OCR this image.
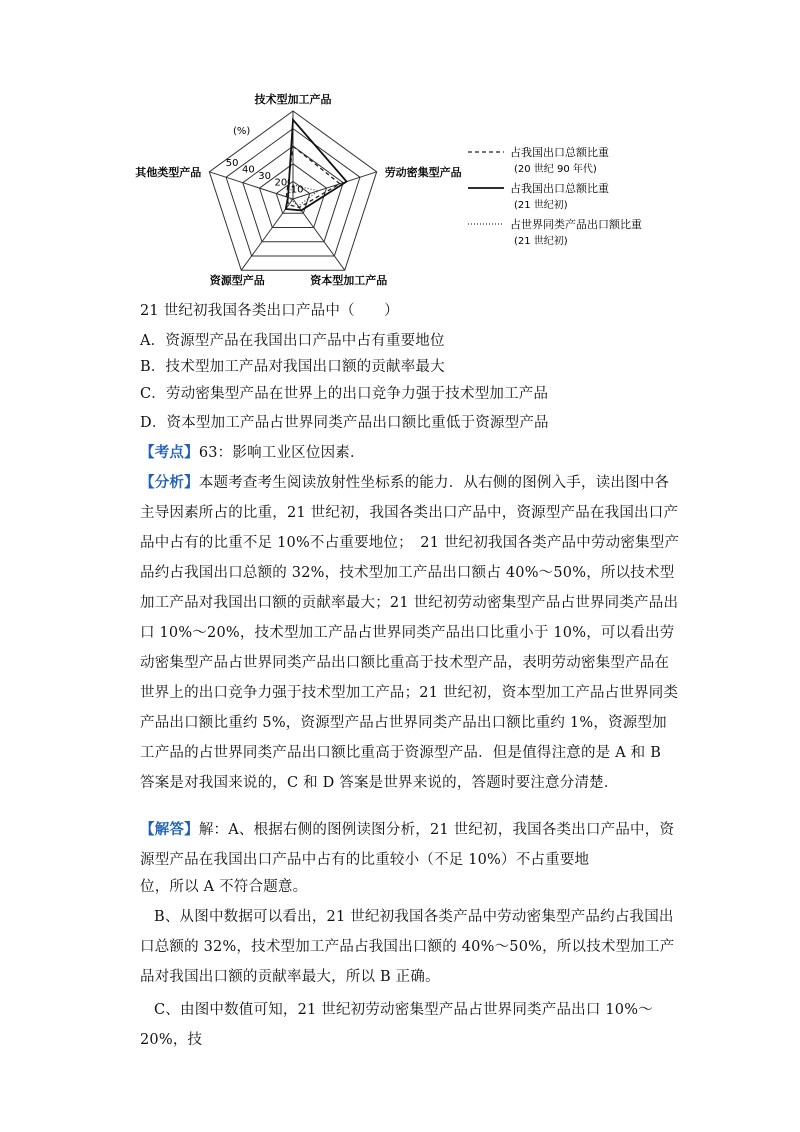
50
40
30
20
10
技术型加工产品
劳动密集型产品
资本型加工产品
资源型产品
其他类型产品
(%)
占我国出口总额比重
(20 世纪 90 年代)
占我国出口总额比重
(21 世纪初)
占世界同类产品出口额比重
(21 世纪初)
21 世纪初我国各类出口产品中（　　）
A．资源型产品在我国出口产品中占有重要地位
B．技术型加工产品对我国出口额的贡献率最大
C．劳动密集型产品在世界上的出口竞争力强于技术型加工产品
D．资本型加工产品占世界同类产品出口额比重低于资源型产品
【考点】63：影响工业区位因素．
【分析】本题考查考生阅读放射性坐标系的能力．从右侧的图例入手，读出图中各主导因素所占的比重，21 世纪初，我国各类出口产品中，资源型产品在我国出口产品中占有的比重不足 10%不占重要地位；　21 世纪初我国各类产品中劳动密集型产品约占我国出口总额的 32%，技术型加工产品出口额占 40%～50%，所以技术型加工产品对我国出口额的贡献率最大；21 世纪初劳动密集型产品占世界同类产品出口 10%～20%，技术型加工产品占世界同类产品出口比重小于 10%，可以看出劳动密集型产品占世界同类产品出口额比重高于技术型产品，表明劳动密集型产品在世界上的出口竞争力强于技术型加工产品；21 世纪初，资本型加工产品占世界同类产品出口额比重约 5%，资源型产品占世界同类产品出口额比重约 1%，资源型加工产品的占世界同类产品出口额比重高于资源型产品．但是值得注意的是 A 和 B 答案是对我国来说的，C 和 D 答案是世界来说的，答题时要注意分清楚．
【解答】解：A、根据右侧的图例读图分析，21 世纪初，我国各类出口产品中，资源型产品在我国出口产品中占有的比重较小（不足 10%）不占重要地
位，所以 A 不符合题意。
B、从图中数据可以看出，21 世纪初我国各类产品中劳动密集型产品约占我国出口总额的 32%，技术型加工产品占我国出口额的 40%～50%，所以技术型加工产品对我国出口额的贡献率最大，所以 B 正确。
C、由图中数值可知，21 世纪初劳动密集型产品占世界同类产品出口 10%～20%，技
